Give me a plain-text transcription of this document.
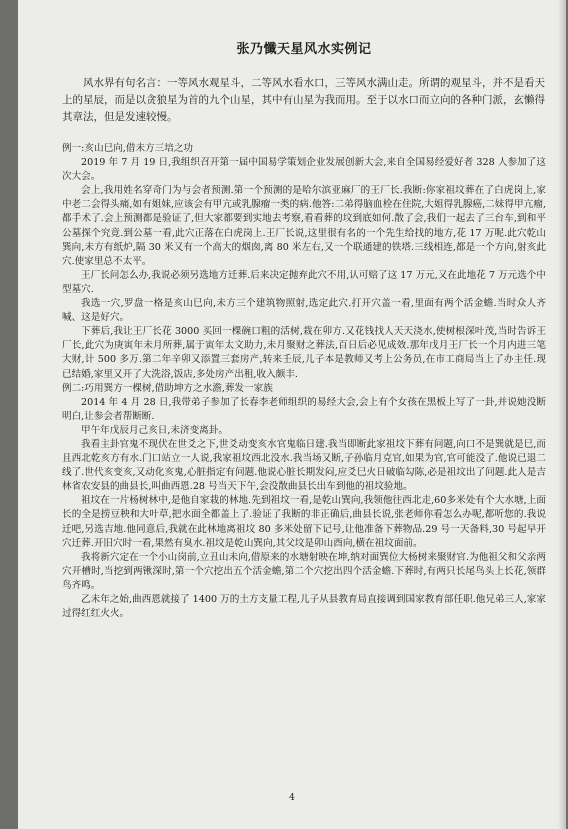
张乃懺天星风水实例记

风水界有句名言：一等风水观星斗，二等风水看水口，三等风水满山走。所谓的观星斗，并不是看天上的星辰，而是以贪狼星为首的九个山星，其中有山星为我而用。至于以水口而立向的各种门派，玄懒得其章法，但是发速较慢。

例一:亥山巳向,借未方三培之功

2019 年 7 月 19 日,我组织召开第一届中国易学策划企业发展创新大会,来自全国易经爱好者 328 人参加了这次大会。

会上,我用姓名穿奇门为与会者预测.第一个预测的是哈尔滨亚麻厂的王厂长.我断:你家祖坟葬在了白虎岗上,家中老二会得头痛,如有姐妹,应该会有甲亢或乳腺瘤一类的病.他答:二弟得脑血栓在住院,大姐得乳腺癌,二妹得甲亢瘤,都手术了.会上预测都是验证了,但大家都要到实地去考察,看看葬的坟到底如何.散了会,我们一起去了三台车,到和平公墓探个究竟.到公墓一看,此穴正落在白虎岗上.王厂长说,这里很有名的一个先生给找的地方,花 17 万呢.此穴乾山巽向,未方有纸炉,隔 30 米又有一个高大的烟囱,离 80 米左右,又一个联通建的铁塔.三线相连,都是一个方向,射亥此穴.使家里总不太平。

王厂长问怎么办,我说必须另选地方迁葬.后来决定抛弃此穴不用,认可赔了这 17 万元,又在此地花 7 万元选个中型墓穴.

我选一穴,罗盘一格是亥山巳向,未方三个建筑物照射,选定此穴.打开穴盖一看,里面有两个活金蟾.当时众人齐喊、这是好穴。

下葬后,我让王厂长花 3000 买回一棵碗口粗的活树,栽在卯方.又花钱找人天天浇水,使树根深叶茂,当时告诉王厂长,此穴为庚寅年未月所葬,属于寅年太文助力,未月聚财之葬法,百日后必见成效.那年戊月王厂长一个月内进三笔大财,计 500 多万.第二年辛卯又添置三套房产,转来壬辰,儿子本是教师又考上公务员,在市工商局当上了办主任.现已结婚,家里又开了大洗浴,饭店,多处房产出租,收入颇丰.

例二:巧用巽方一棵树,借助坤方之水澹,葬发一家族

2014 年 4 月 28 日,我带弟子参加了长春李老师组织的易经大会,会上有个女孩在黑板上写了一卦,并说她没断明白,让参会者帮断断.

甲午年戊辰月己亥日,未济变离卦。

我看主卦官鬼不现伏在世爻之下,世爻动变亥水官鬼临日建.我当即断此家祖坟下葬有问题,向口不是巽就是巳,而且西北乾亥方有水.门口站立一人说,我家祖坟西北没水.我当场又断,子孙临月克官,如果为官,官可能没了.他说已退二线了.世代亥变亥,又动化亥鬼,心脏指定有问题.他说心脏长期发闷,应爻巳火日破临勾陈,必是祖坟出了问题.此人是吉林省农安县的曲县长,叫曲西恩.28 号当天下午,会没散曲县长出车到他的祖坟验地。

祖坟在一片杨树林中,是他自家栽的林地.先到祖坟一看,是乾山巽向,我领他往西北走,60多米处有个大水塘,上面长的全是捞豆秧和大叶草,把水面全都盖上了.验证了我断的非正确后,曲县长说,张老师你看怎么办呢,都听您的.我说迁吧,另选吉地.他同意后,我就在此林地离祖坟 80 多米处留下记号,让他准备下葬物品.29 号一天备料,30 号起早开穴迁葬.开旧穴时一看,果然有臭水.祖坟是乾山巽向,其父坟是卯山酉向,横在祖坟面前。

我将新穴定在一个小山岗前,立丑山未向,借原来的水塘射映在坤,纳对面巽位大杨树来聚财官.为他祖父和父亲两穴开槽时,当挖到两锹深时,第一个穴挖出五个活金蟾,第二个穴挖出四个活金蟾.下葬时,有两只长尾鸟头上长花,领群鸟齐鸣。

乙未年之始,曲西恩就接了 1400 万的土方支量工程,儿子从县教育局直接调到国家教育部任职.他兄弟三人,家家过得红红火火。

4
